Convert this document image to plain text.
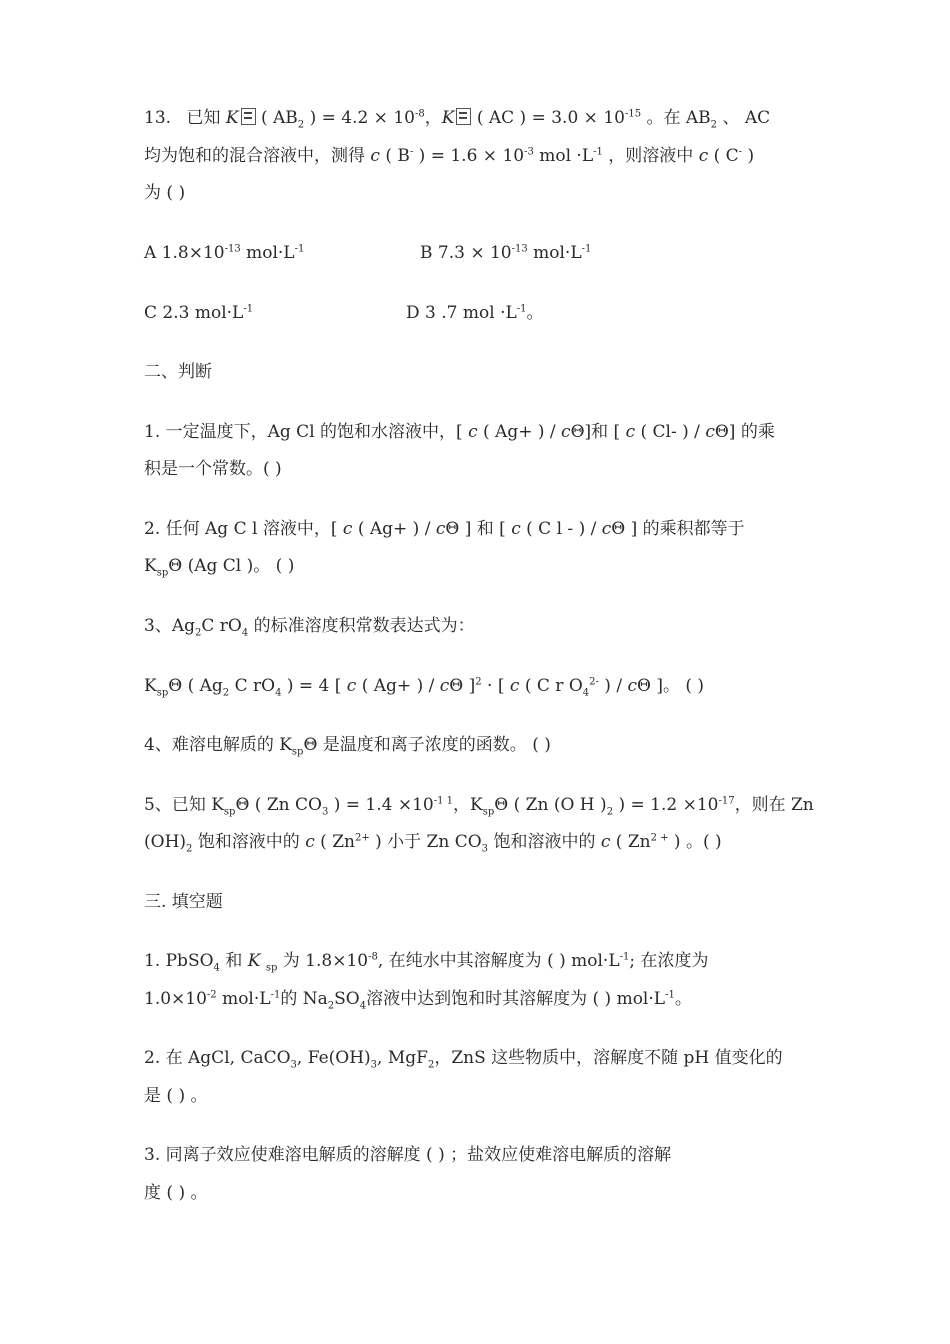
13. 已知 K ( $AB_2$ ) = $4.2 \times 10^{-8}$，K ( AC ) = $3.0 \times 10^{-15}$ 。在 $AB_2$ 、 AC
均为饱和的混合溶液中，测得 c ( B- ) = $1.6 \times 10^{-3}$ mol $\cdot L^{-1}$ ，则溶液中 c ( C- )
为 ( )
A $1.8\times 10^{-13}$ $mol\cdot L^{-1}$	B $7.3 \times 10^{-13}$ $mol\cdot L^{-1}$
C 2.3 $mol\cdot L^{-1}$	D 3 .7 mol $\cdot L^{-1}$。
二、判断
1. 一定温度下，Ag Cl 的饱和水溶液中，[ c ( Ag+ ) / cΘ]和 [ c ( Cl- ) / cΘ] 的乘
积是一个常数。( )
2. 任何 Ag C l 溶液中，[ c ( Ag+ ) / cΘ ] 和 [ c ( C l - ) / cΘ ] 的乘积都等于
$K_{sp}\Theta$ (Ag Cl )。 ( )
3、$Ag_2C$ $rO_4$ 的标准溶度积常数表达式为：
$K_{sp}\Theta$ ( $Ag_2$ C $rO_4$ ) = 4 [ c ( Ag+ ) / cΘ ]$^2$ · [ c ( C r $O_4^{2-}$ ) / cΘ ]。 ( )
4、难溶电解质的 $K_{sp}\Theta$ 是温度和离子浓度的函数。 ( )
5、已知 $K_{sp}\Theta$ ( Zn $CO_3$ ) = $1.4 \times 10^{-1 1}$，$K_{sp}\Theta$ ( Zn (O H )$_2$ ) = $1.2 \times 10^{-17}$，则在 Zn
$(OH)_2$ 饱和溶液中的 c ( $Zn^{2+}$ ) 小于 Zn $CO_3$ 饱和溶液中的 c ( $Zn^{2 +}$ ) 。( )
三. 填空题
1. PbSO$_4$ 和 K $_{sp}$ 为 $1.8\times 10^{-8}$, 在纯水中其溶解度为 ( ) $mol\cdot L^{-1}$; 在浓度为
$1.0\times 10^{-2}$ $mol\cdot L^{-1}$的 $Na_2SO_4$溶液中达到饱和时其溶解度为 ( ) $mol\cdot L^{-1}$。
2. 在 AgCl, CaCO$_3$, $Fe(OH)_3$, MgF$_2$，ZnS 这些物质中，溶解度不随 pH 值变化的
是 ( ) 。
3. 同离子效应使难溶电解质的溶解度 ( ) ；盐效应使难溶电解质的溶解
度 ( ) 。
